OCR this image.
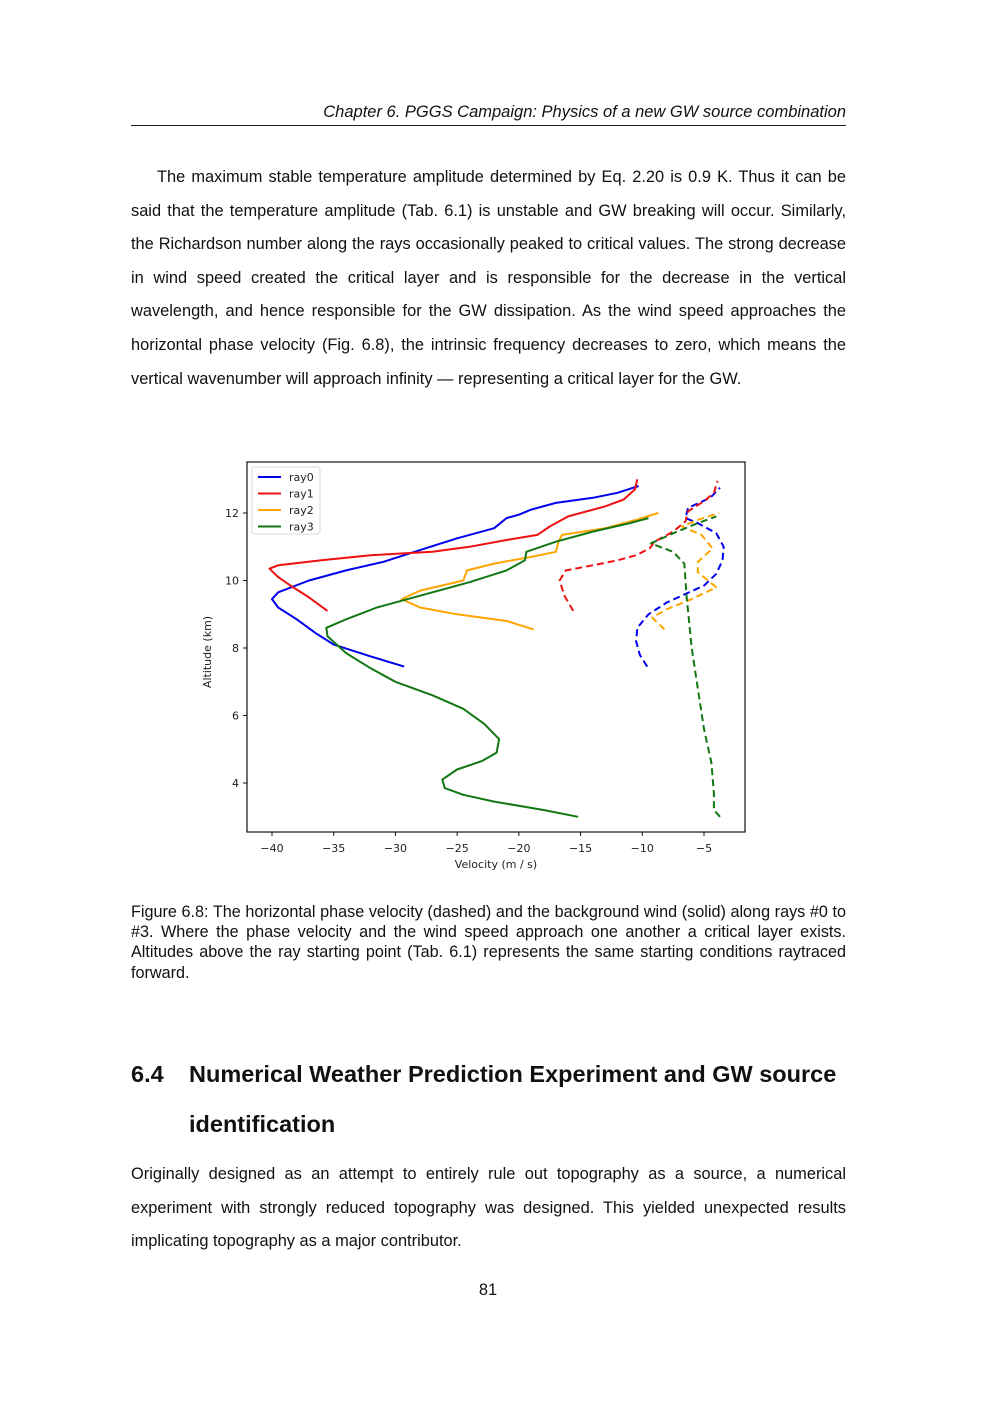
Chapter 6. PGGS Campaign: Physics of a new GW source combination

The maximum stable temperature amplitude determined by Eq. 2.20 is 0.9 K. Thus it can be said that the temperature amplitude (Tab. 6.1) is unstable and GW breaking will occur. Similarly, the Richardson number along the rays occasionally peaked to critical values. The strong decrease in wind speed created the critical layer and is responsible for the decrease in the vertical wavelength, and hence responsible for the GW dissipation. As the wind speed approaches the horizontal phase velocity (Fig. 6.8), the intrinsic frequency decreases to zero, which means the vertical wavenumber will approach infinity — representing a critical layer for the GW.

−40	−35	−30	−25	−20	−15	−10	−5
4
6
8
10
12
Velocity (m / s)
Altitude (km)
ray0
ray1
ray2
ray3
Figure 6.8: The horizontal phase velocity (dashed) and the background wind (solid) along rays #0 to #3. Where the phase velocity and the wind speed approach one another a critical layer exists. Altitudes above the ray starting point (Tab. 6.1) represents the same starting conditions raytraced forward.
6.4 Numerical Weather Prediction Experiment and GW source identification

Originally designed as an attempt to entirely rule out topography as a source, a numerical experiment with strongly reduced topography was designed. This yielded unexpected results implicating topography as a major contributor.

81
